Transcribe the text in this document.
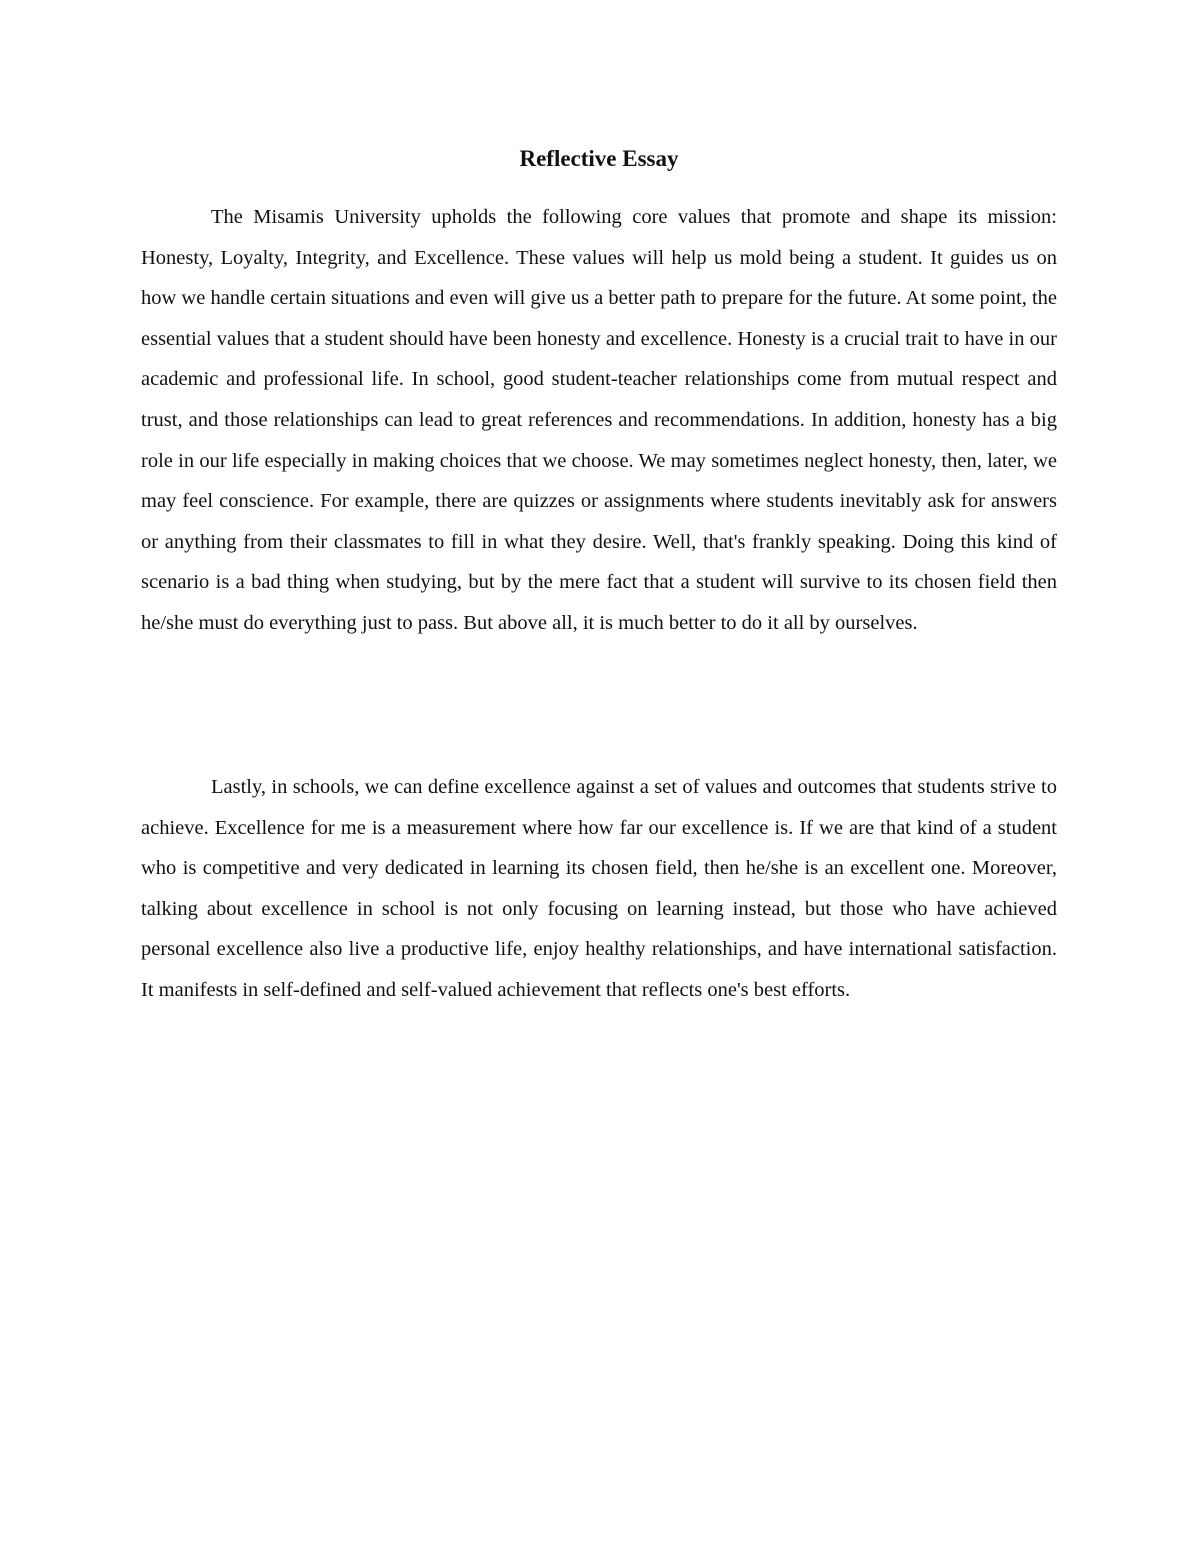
Reflective Essay

The Misamis University upholds the following core values that promote and shape its mission: Honesty, Loyalty, Integrity, and Excellence. These values will help us mold being a student. It guides us on how we handle certain situations and even will give us a better path to prepare for the future. At some point, the essential values that a student should have been honesty and excellence. Honesty is a crucial trait to have in our academic and professional life. In school, good student-teacher relationships come from mutual respect and trust, and those relationships can lead to great references and recommendations. In addition, honesty has a big role in our life especially in making choices that we choose. We may sometimes neglect honesty, then, later, we may feel conscience. For example, there are quizzes or assignments where students inevitably ask for answers or anything from their classmates to fill in what they desire. Well, that's frankly speaking. Doing this kind of scenario is a bad thing when studying, but by the mere fact that a student will survive to its chosen field then he/she must do everything just to pass. But above all, it is much better to do it all by ourselves.

Lastly, in schools, we can define excellence against a set of values and outcomes that students strive to achieve. Excellence for me is a measurement where how far our excellence is. If we are that kind of a student who is competitive and very dedicated in learning its chosen field, then he/she is an excellent one. Moreover, talking about excellence in school is not only focusing on learning instead, but those who have achieved personal excellence also live a productive life, enjoy healthy relationships, and have international satisfaction. It manifests in self-defined and self-valued achievement that reflects one's best efforts.
